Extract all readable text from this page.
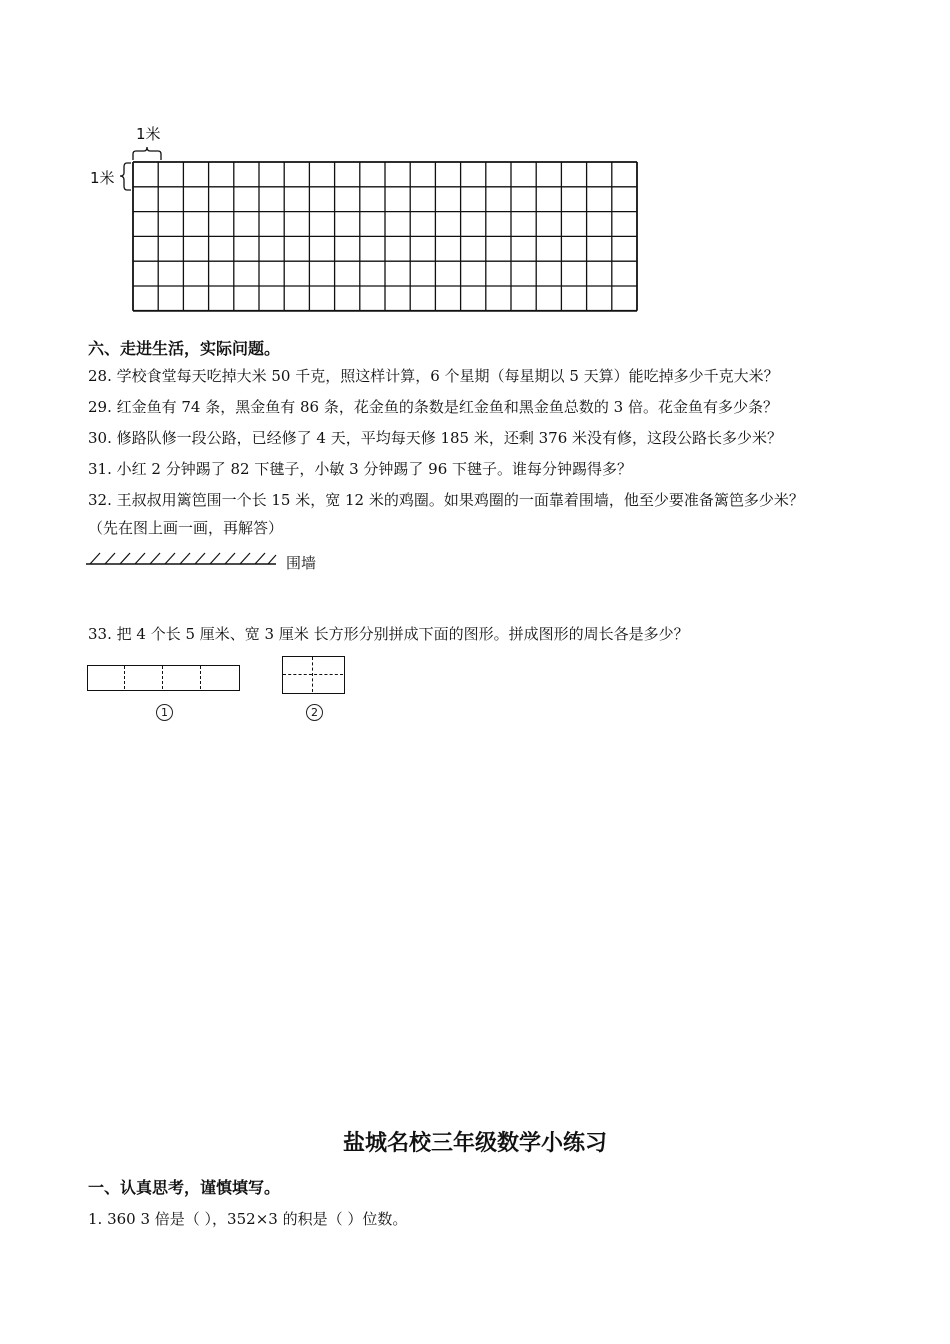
1米
1米
六、走进生活，实际问题。
28. 学校食堂每天吃掉大米 50 千克，照这样计算，6 个星期（每星期以 5 天算）能吃掉多少千克大米？
29. 红金鱼有 74 条，黑金鱼有 86 条，花金鱼的条数是红金鱼和黑金鱼总数的 3 倍。花金鱼有多少条？
30. 修路队修一段公路，已经修了 4 天，平均每天修 185 米，还剩 376 米没有修，这段公路长多少米？
31. 小红 2 分钟踢了 82 下毽子，小敏 3 分钟踢了 96 下毽子。谁每分钟踢得多？
32. 王叔叔用篱笆围一个长 15 米，宽 12 米的鸡圈。如果鸡圈的一面靠着围墙，他至少要准备篱笆多少米？
（先在图上画一画，再解答）
围墙
33. 把 4 个长 5 厘米、宽 3 厘米 长方形分别拼成下面的图形。拼成图形的周长各是多少？
1	2
盐城名校三年级数学小练习
一、认真思考，谨慎填写。
1. 360 3 倍是（ ），352×3 的积是（ ）位数。
